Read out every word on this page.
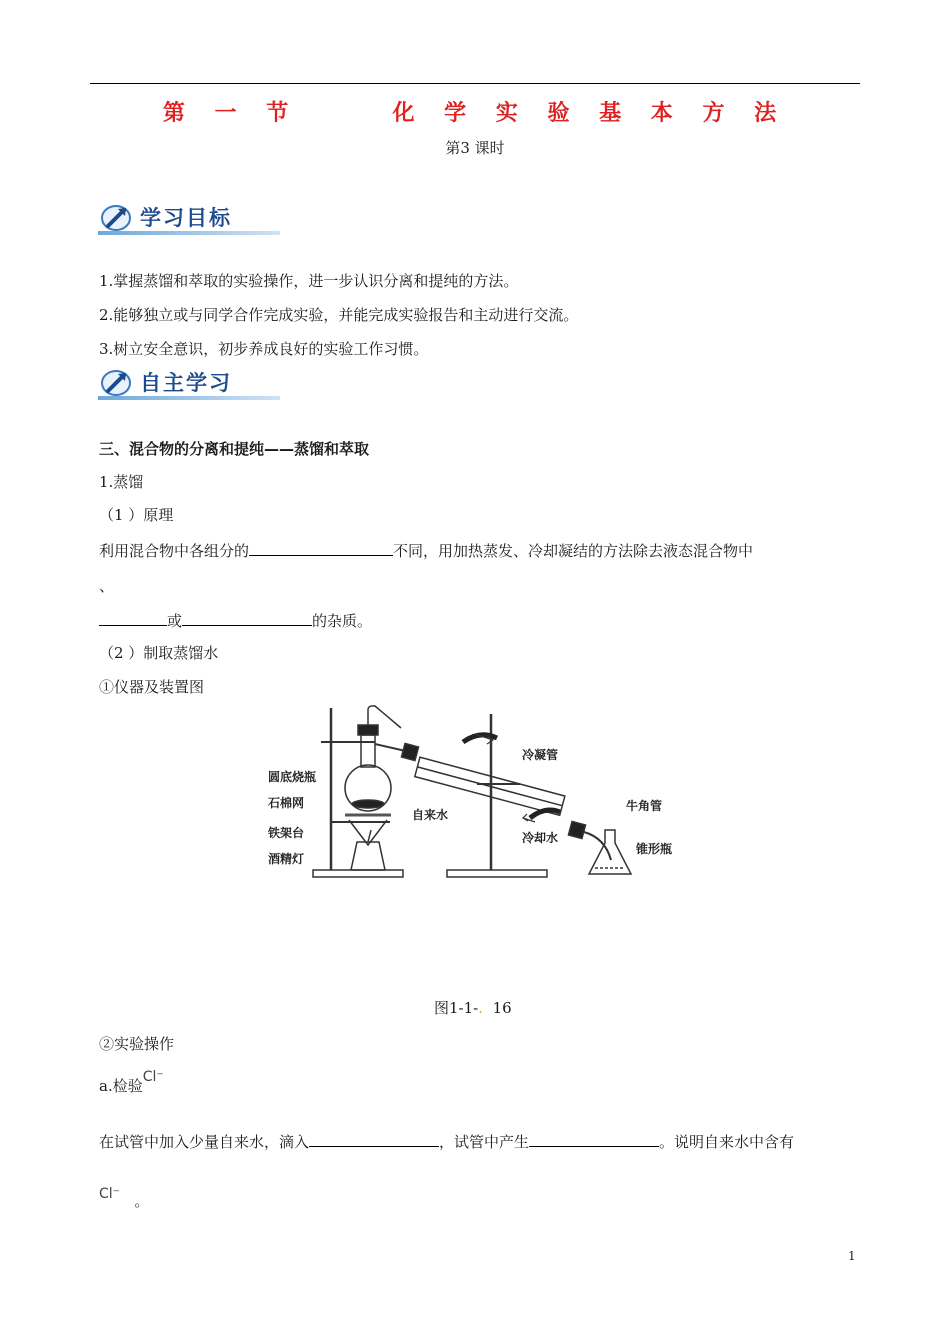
第 一 节     化 学 实 验 基 本 方 法
第3 课时
学习目标
1.掌握蒸馏和萃取的实验操作，进一步认识分离和提纯的方法。
2.能够独立或与同学合作完成实验，并能完成实验报告和主动进行交流。
3.树立安全意识，初步养成良好的实验工作习惯。
自主学习
三、混合物的分离和提纯——蒸馏和萃取
1.蒸馏
（1 ）原理
利用混合物中各组分的	不同，用加热蒸发、冷却凝结的方法除去液态混合物中
、
或	的杂质。
（2 ）制取蒸馏水
①仪器及装置图
圆底烧瓶
石棉网
铁架台
酒精灯
自来水
冷凝管
牛角管
冷却水
锥形瓶
图1-1-. 16
②实验操作
a.检验Cl⁻
在试管中加入少量自来水，滴入	，试管中产生	。说明自来水中含有
Cl⁻ 。
1
